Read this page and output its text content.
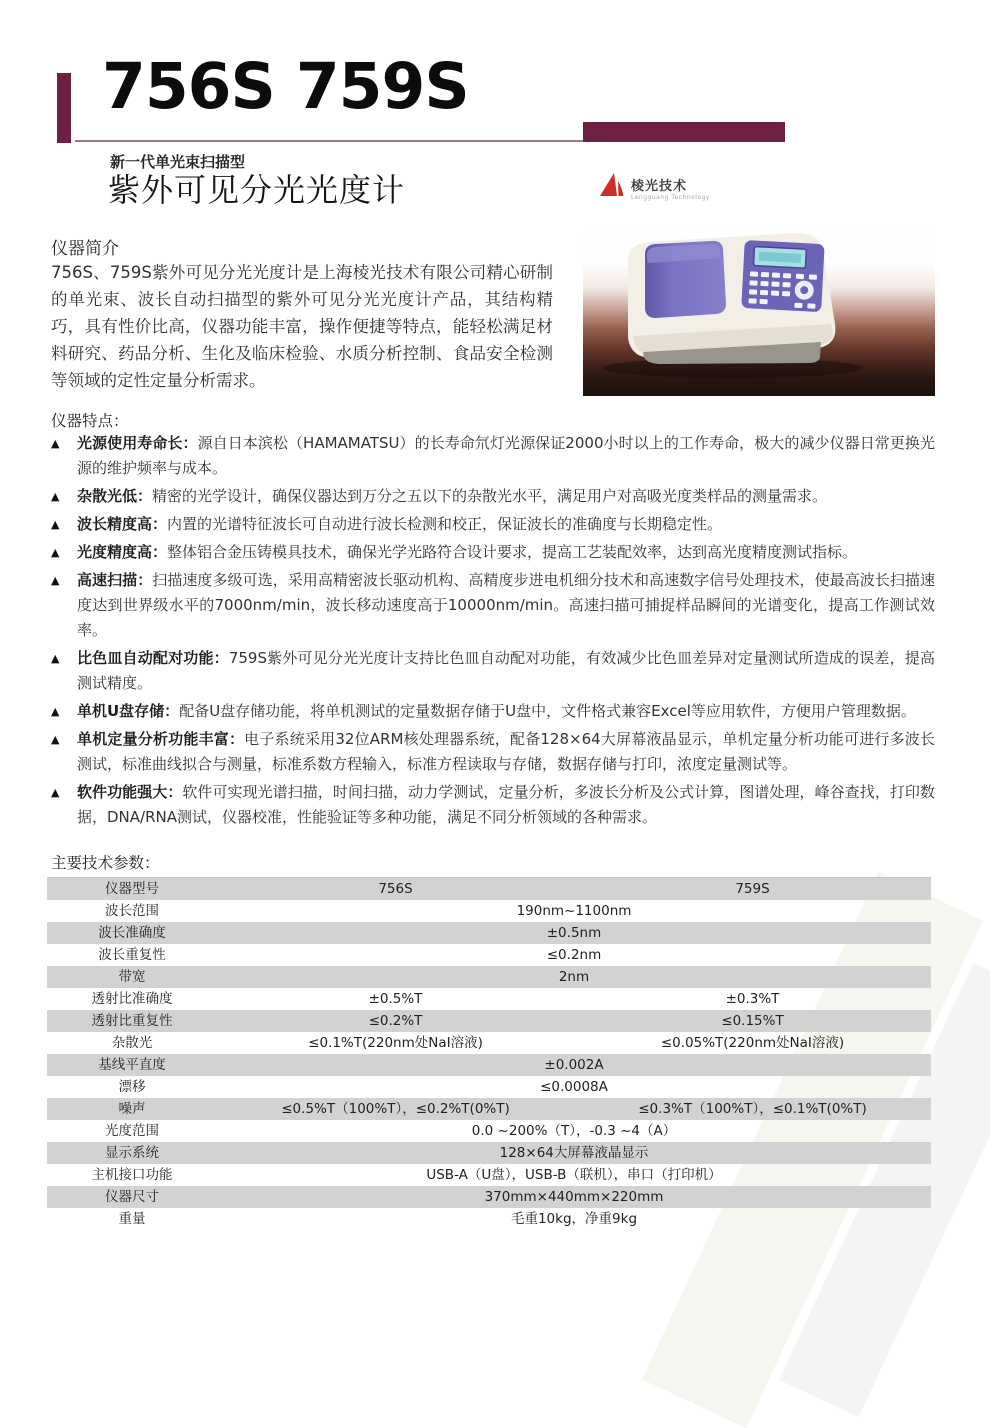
756S 759S
新一代单光束扫描型
紫外可见分光光度计	棱光技术
Lengguang Technology
仪器简介
756S、759S紫外可见分光光度计是上海棱光技术有限公司精心研制的单光束、波长自动扫描型的紫外可见分光光度计产品，其结构精巧，具有性价比高，仪器功能丰富，操作便捷等特点，能轻松满足材料研究、药品分析、生化及临床检验、水质分析控制、食品安全检测等领域的定性定量分析需求。
仪器特点：
▲	光源使用寿命长：源自日本滨松（HAMAMATSU）的长寿命氘灯光源保证2000小时以上的工作寿命，极大的减少仪器日常更换光源的维护频率与成本。
▲	杂散光低：精密的光学设计，确保仪器达到万分之五以下的杂散光水平，满足用户对高吸光度类样品的测量需求。
▲	波长精度高：内置的光谱特征波长可自动进行波长检测和校正，保证波长的准确度与长期稳定性。
▲	光度精度高：整体铝合金压铸模具技术，确保光学光路符合设计要求，提高工艺装配效率，达到高光度精度测试指标。
▲	高速扫描：扫描速度多级可选，采用高精密波长驱动机构、高精度步进电机细分技术和高速数字信号处理技术，使最高波长扫描速度达到世界级水平的7000nm/min，波长移动速度高于10000nm/min。高速扫描可捕捉样品瞬间的光谱变化，提高工作测试效率。
▲	比色皿自动配对功能：759S紫外可见分光光度计支持比色皿自动配对功能，有效减少比色皿差异对定量测试所造成的误差，提高测试精度。
▲	单机U盘存储：配备U盘存储功能，将单机测试的定量数据存储于U盘中，文件格式兼容Excel等应用软件，方便用户管理数据。
▲	单机定量分析功能丰富：电子系统采用32位ARM核处理器系统，配备128×64大屏幕液晶显示，单机定量分析功能可进行多波长测试，标准曲线拟合与测量，标准系数方程输入，标准方程读取与存储，数据存储与打印，浓度定量测试等。
▲	软件功能强大：软件可实现光谱扫描，时间扫描，动力学测试，定量分析，多波长分析及公式计算，图谱处理，峰谷查找，打印数据，DNA/RNA测试，仪器校准，性能验证等多种功能，满足不同分析领域的各种需求。
主要技术参数：
仪器型号	756S	759S
波长范围	190nm~1100nm
波长准确度	±0.5nm
波长重复性	≤0.2nm
带宽	2nm
透射比准确度	±0.5%T	±0.3%T
透射比重复性	≤0.2%T	≤0.15%T
杂散光	≤0.1%T(220nm处NaI溶液)	≤0.05%T(220nm处NaI溶液)
基线平直度	±0.002A
漂移	≤0.0008A
噪声	≤0.5%T（100%T），≤0.2%T(0%T)	≤0.3%T（100%T），≤0.1%T(0%T)
光度范围	0.0 ~200%（T），-0.3 ~4（A）
显示系统	128×64大屏幕液晶显示
主机接口功能	USB-A（U盘），USB-B（联机），串口（打印机）
仪器尺寸	370mm×440mm×220mm
重量	毛重10kg，净重9kg
